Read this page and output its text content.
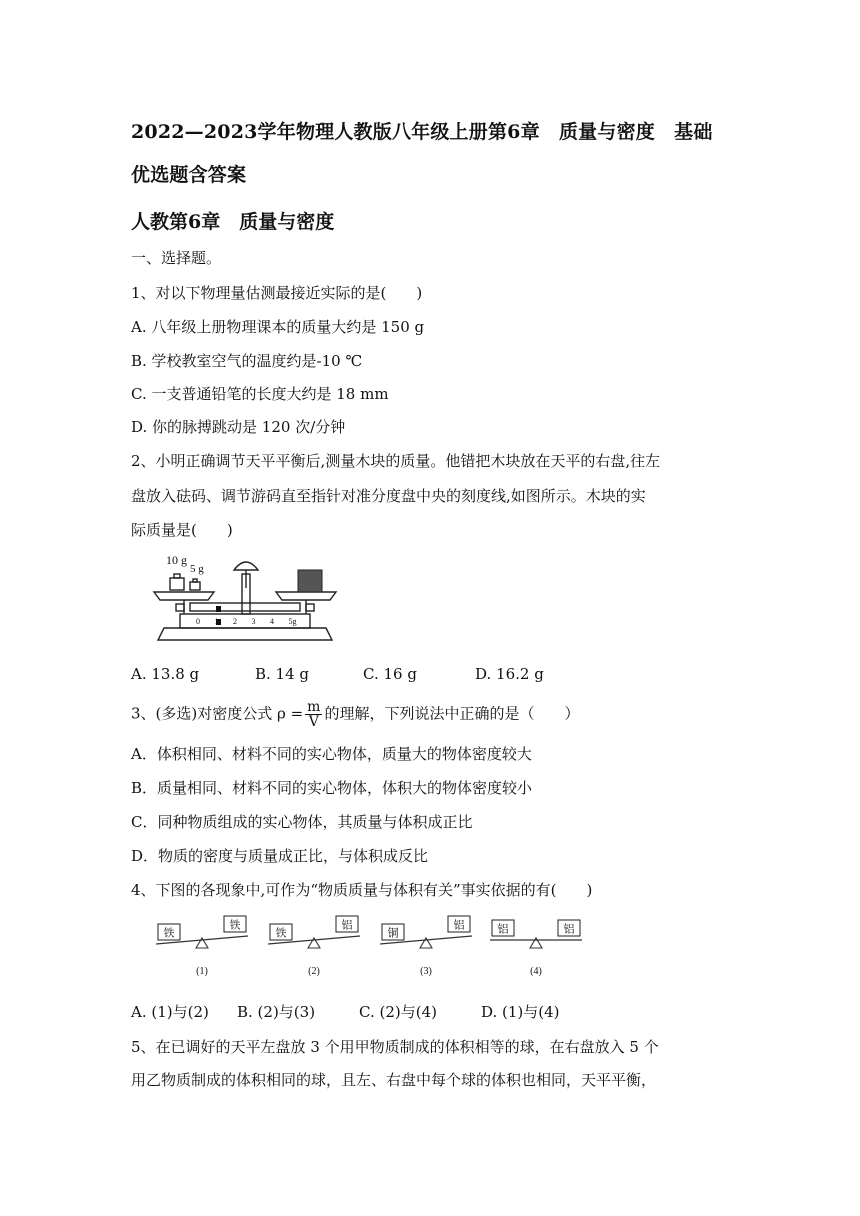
2022—2023学年物理人教版八年级上册第6章　质量与密度　基础
优选题含答案
人教第6章　质量与密度
一、选择题。
1、对以下物理量估测最接近实际的是(　　)
A. 八年级上册物理课本的质量大约是 150 g
B. 学校教室空气的温度约是-10 ℃
C. 一支普通铅笔的长度大约是 18 mm
D. 你的脉搏跳动是 120 次/分钟
2、小明正确调节天平平衡后,测量木块的质量。他错把木块放在天平的右盘,往左
盘放入砝码、调节游码直至指针对准分度盘中央的刻度线,如图所示。木块的实
际质量是(　　)
10 g
5 g
0 1 2 3 4 5g
A. 13.8 g	B. 14 g	C. 16 g	D. 16.2 g
3、(多选)对密度公式 $\rho = \frac{m}{V}$ 的理解，下列说法中正确的是（　　）
A．体积相同、材料不同的实心物体，质量大的物体密度较大
B．质量相同、材料不同的实心物体，体积大的物体密度较小
C．同种物质组成的实心物体，其质量与体积成正比
D．物质的密度与质量成正比，与体积成反比
4、下图的各现象中,可作为“物质质量与体积有关”事实依据的有(　　)
铁
铁
(1)
铁
铝
(2)
铜
铝
(3)
铝	铝
(4)
A. (1)与(2) B. (2)与(3)	C. (2)与(4)	D. (1)与(4)
5、在已调好的天平左盘放 3 个用甲物质制成的体积相等的球，在右盘放入 5 个
用乙物质制成的体积相同的球，且左、右盘中每个球的体积也相同，天平平衡，
